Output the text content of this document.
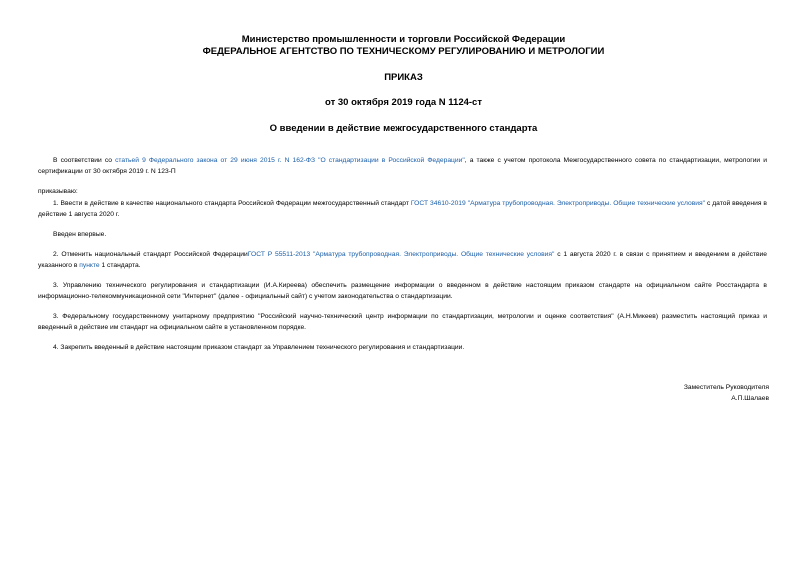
Министерство промышленности и торговли Российской Федерации
ФЕДЕРАЛЬНОЕ АГЕНТСТВО ПО ТЕХНИЧЕСКОМУ РЕГУЛИРОВАНИЮ И МЕТРОЛОГИИ
ПРИКАЗ
от 30 октября 2019 года N 1124-ст
О введении в действие межгосударственного стандарта
В соответствии со статьей 9 Федерального закона от 29 июня 2015 г. N 162-ФЗ "О стандартизации в Российской Федерации", а также с учетом протокола Межгосударственного совета по стандартизации, метрологии и сертификации от 30 октября 2019 г. N 123-П
приказываю:
1. Ввести в действие в качестве национального стандарта Российской Федерации межгосударственный стандарт ГОСТ 34610-2019 "Арматура трубопроводная. Электроприводы. Общие технические условия" с датой введения в действие 1 августа 2020 г.
Введен впервые.
2. Отменить национальный стандарт Российской ФедерацииГОСТ Р 55511-2013 "Арматура трубопроводная. Электроприводы. Общие технические условия" с 1 августа 2020 г. в связи с принятием и введением в действие указанного в пункте 1 стандарта.
3. Управлению технического регулирования и стандартизации (И.А.Киреева) обеспечить размещение информации о введенном в действие настоящим приказом стандарте на официальном сайте Росстандарта в информационно-телекоммуникационной сети "Интернет" (далее - официальный сайт) с учетом законодательства о стандартизации.
3. Федеральному государственному унитарному предприятию "Российский научно-технический центр информации по стандартизации, метрологии и оценке соответствия" (А.Н.Микеев) разместить настоящий приказ и введенный в действие им стандарт на официальном сайте в установленном порядке.
4. Закрепить введенный в действие настоящим приказом стандарт за Управлением технического регулирования и стандартизации.
Заместитель Руководителя
А.П.Шалаев
